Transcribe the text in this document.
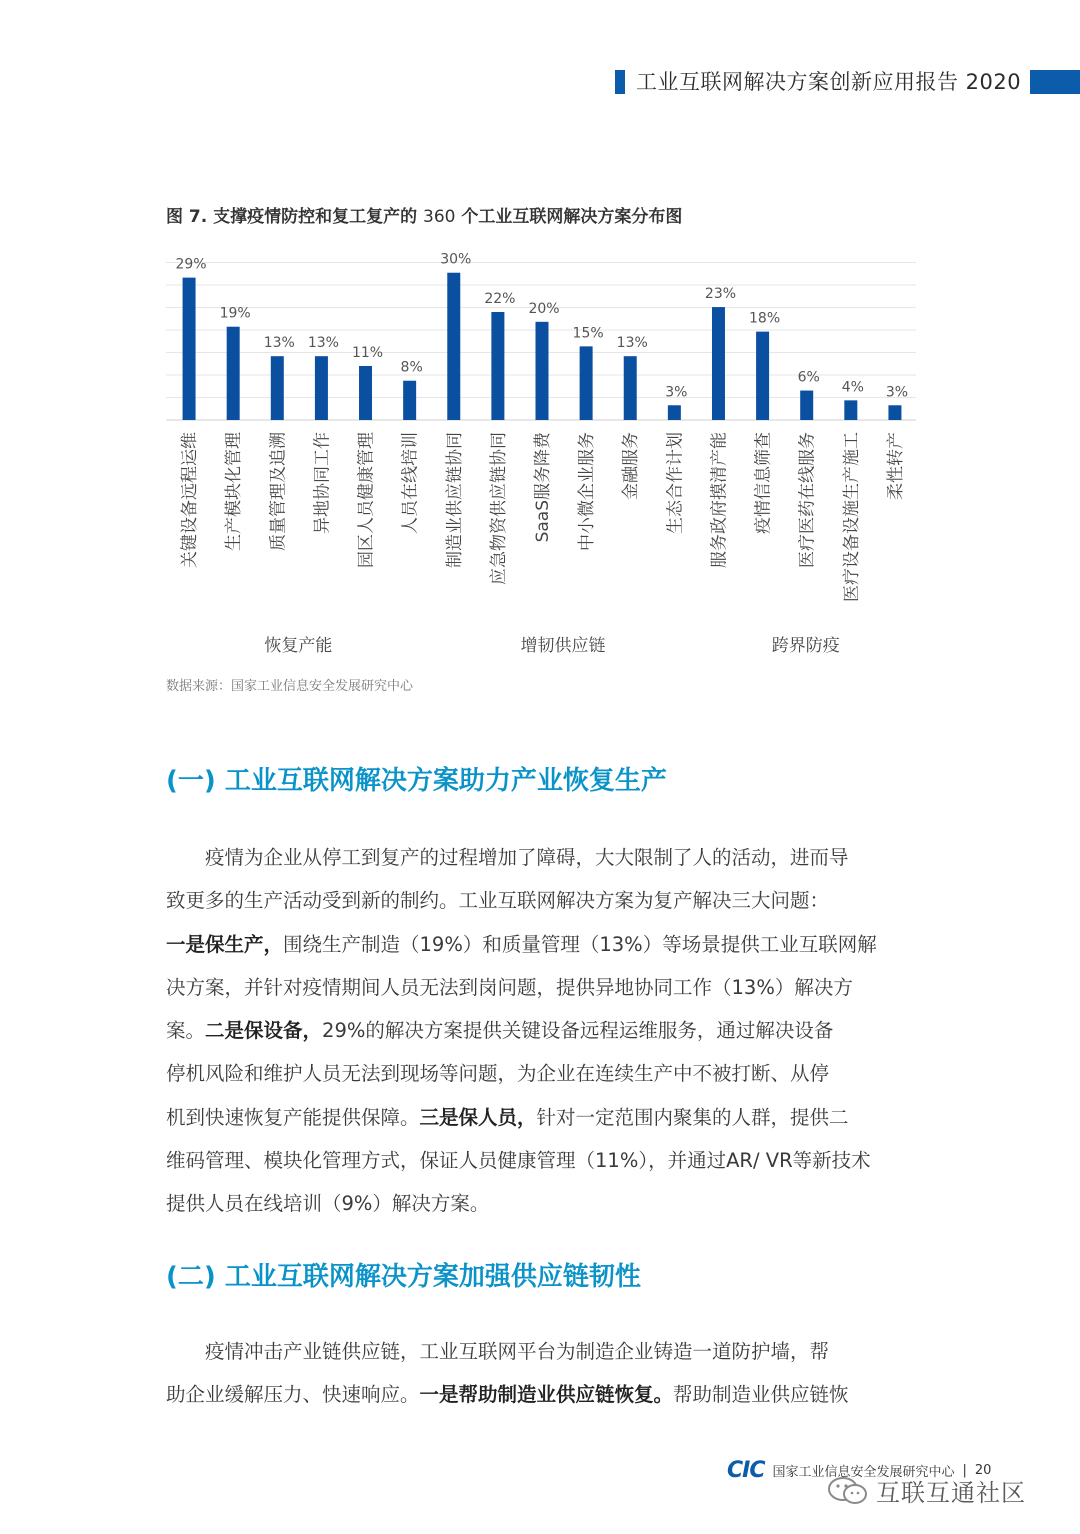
工业互联网解决方案创新应用报告 2020
图 7. 支撑疫情防控和复工复产的 360 个工业互联网解决方案分布图
29%
关键设备远程运维
19%
生产模块化管理
13%
质量管理及追溯
13%
异地协同工作
11%
园区人员健康管理
8%
人员在线培训
30%
制造业供应链协同
22%
应急物资供应链协同
20%
SaaS服务降费
15%
中小微企业服务
13%
金融服务
3%
生态合作计划
23%
服务政府摸清产能
18%
疫情信息筛查
6%
医疗医药在线服务
4%
医疗设备设施生产施工
3%
柔性转产
恢复产能	增韧供应链	跨界防疫
数据来源：国家工业信息安全发展研究中心
(一) 工业互联网解决方案助力产业恢复生产
　　疫情为企业从停工到复产的过程增加了障碍，大大限制了人的活动，进而导
致更多的生产活动受到新的制约。工业互联网解决方案为复产解决三大问题：
一是保生产，围绕生产制造（19%）和质量管理（13%）等场景提供工业互联网解
决方案，并针对疫情期间人员无法到岗问题，提供异地协同工作（13%）解决方
案。二是保设备，29%的解决方案提供关键设备远程运维服务，通过解决设备
停机风险和维护人员无法到现场等问题，为企业在连续生产中不被打断、从停
机到快速恢复产能提供保障。三是保人员，针对一定范围内聚集的人群，提供二
维码管理、模块化管理方式，保证人员健康管理（11%），并通过AR/ VR等新技术
提供人员在线培训（9%）解决方案。
(二) 工业互联网解决方案加强供应链韧性
　　疫情冲击产业链供应链，工业互联网平台为制造企业铸造一道防护墙，帮
助企业缓解压力、快速响应。一是帮助制造业供应链恢复。帮助制造业供应链恢
CIC 国家工业信息安全发展研究中心 | 20
互联互通社区
